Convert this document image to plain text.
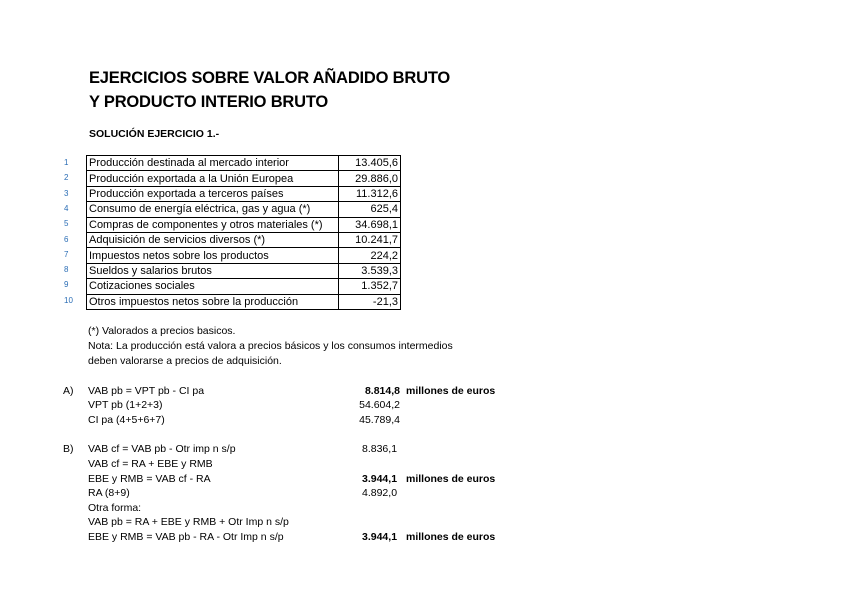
EJERCICIOS SOBRE VALOR AÑADIDO BRUTO
Y PRODUCTO INTERIO BRUTO
SOLUCIÓN EJERCICIO 1.-
1
2
3
4
5
6
7
8
9
10
Producción destinada al mercado interior	13.405,6
Producción exportada a la Unión Europea	29.886,0
Producción exportada a terceros países	11.312,6
Consumo de energía eléctrica, gas y agua (*)	625,4
Compras de componentes y otros materiales (*)	34.698,1
Adquisición de servicios diversos (*)	10.241,7
Impuestos netos sobre los productos	224,2
Sueldos y salarios brutos	3.539,3
Cotizaciones sociales	1.352,7
Otros impuestos netos sobre la producción	-21,3
(*) Valorados a precios basicos.
Nota: La producción está valora a precios básicos y los consumos intermedios
deben valorarse a precios de adquisición.
A) VAB pb = VPT pb - CI pa	8.814,8 millones de euros
VPT pb (1+2+3)	54.604,2
CI pa (4+5+6+7)	45.789,4
B) VAB cf = VAB pb - Otr imp n s/p	8.836,1
VAB cf = RA + EBE y RMB
EBE y RMB = VAB cf - RA	3.944,1 millones de euros
RA (8+9)	4.892,0
Otra forma:
VAB pb = RA + EBE y RMB + Otr Imp n s/p
EBE y RMB = VAB pb - RA - Otr Imp n s/p	3.944,1 millones de euros
